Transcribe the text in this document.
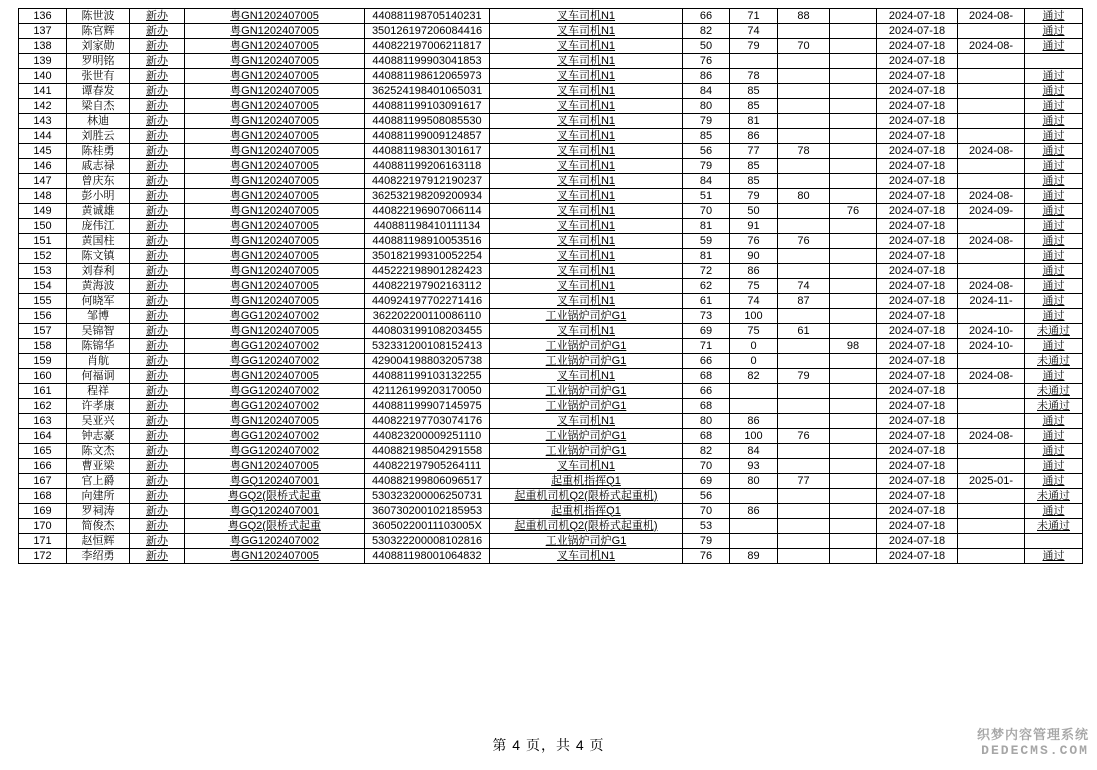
136	陈世波	新办	粤GN1202407005	440881198705140231	叉车司机N1	66	71	88		2024-07-18	2024-08-	通过
137	陈官辉	新办	粤GN1202407005	350126197206084416	叉车司机N1	82	74			2024-07-18		通过
138	刘家勋	新办	粤GN1202407005	440822197006211817	叉车司机N1	50	79	70		2024-07-18	2024-08-	通过
139	罗明铭	新办	粤GN1202407005	440881199903041853	叉车司机N1	76				2024-07-18		
140	张世有	新办	粤GN1202407005	440881198612065973	叉车司机N1	86	78			2024-07-18		通过
141	谭春发	新办	粤GN1202407005	362524198401065031	叉车司机N1	84	85			2024-07-18		通过
142	梁自杰	新办	粤GN1202407005	440881199103091617	叉车司机N1	80	85			2024-07-18		通过
143	林迪	新办	粤GN1202407005	440881199508085530	叉车司机N1	79	81			2024-07-18		通过
144	刘胜云	新办	粤GN1202407005	440881199009124857	叉车司机N1	85	86			2024-07-18		通过
145	陈桂勇	新办	粤GN1202407005	440881198301301617	叉车司机N1	56	77	78		2024-07-18	2024-08-	通过
146	戚志禄	新办	粤GN1202407005	440881199206163118	叉车司机N1	79	85			2024-07-18		通过
147	曾庆东	新办	粤GN1202407005	440822197912190237	叉车司机N1	84	85			2024-07-18		通过
148	彭小明	新办	粤GN1202407005	362532198209200934	叉车司机N1	51	79	80		2024-07-18	2024-08-	通过
149	黄诚雄	新办	粤GN1202407005	440822196907066114	叉车司机N1	70	50		76	2024-07-18	2024-09-	通过
150	庞伟江	新办	粤GN1202407005	440881198410111134	叉车司机N1	81	91			2024-07-18		通过
151	黄国柱	新办	粤GN1202407005	440881198910053516	叉车司机N1	59	76	76		2024-07-18	2024-08-	通过
152	陈文镇	新办	粤GN1202407005	350182199310052254	叉车司机N1	81	90			2024-07-18		通过
153	刘春利	新办	粤GN1202407005	445222198901282423	叉车司机N1	72	86			2024-07-18		通过
154	黄海波	新办	粤GN1202407005	440822197902163112	叉车司机N1	62	75	74		2024-07-18	2024-08-	通过
155	何晓军	新办	粤GN1202407005	440924197702271416	叉车司机N1	61	74	87		2024-07-18	2024-11-	通过
156	邹博	新办	粤GG1202407002	362202200110086110	工业锅炉司炉G1	73	100			2024-07-18		通过
157	吴锦智	新办	粤GN1202407005	440803199108203455	叉车司机N1	69	75	61		2024-07-18	2024-10-	未通过
158	陈锦华	新办	粤GG1202407002	532331200108152413	工业锅炉司炉G1	71	0		98	2024-07-18	2024-10-	通过
159	肖航	新办	粤GG1202407002	429004198803205738	工业锅炉司炉G1	66	0			2024-07-18		未通过
160	何福诇	新办	粤GN1202407005	440881199103132255	叉车司机N1	68	82	79		2024-07-18	2024-08-	通过
161	程祥	新办	粤GG1202407002	421126199203170050	工业锅炉司炉G1	66				2024-07-18		未通过
162	许孝康	新办	粤GG1202407002	440881199907145975	工业锅炉司炉G1	68				2024-07-18		未通过
163	吴亚兴	新办	粤GN1202407005	440822197703074176	叉车司机N1	80	86			2024-07-18		通过
164	钟志豪	新办	粤GG1202407002	440823200009251110	工业锅炉司炉G1	68	100	76		2024-07-18	2024-08-	通过
165	陈文杰	新办	粤GG1202407002	440882198504291558	工业锅炉司炉G1	82	84			2024-07-18		通过
166	曹亚梁	新办	粤GN1202407005	440822197905264111	叉车司机N1	70	93			2024-07-18		通过
167	官上爵	新办	粤GQ1202407001	440882199806096517	起重机指挥Q1	69	80	77		2024-07-18	2025-01-	通过
168	向建所	新办	粤GQ2(限桥式起重	530323200006250731	起重机司机Q2(限桥式起重机)	56				2024-07-18		未通过
169	罗祠涛	新办	粤GQ1202407001	360730200102185953	起重机指挥Q1	70	86			2024-07-18		通过
170	简俊杰	新办	粤GQ2(限桥式起重	36050220011103005X	起重机司机Q2(限桥式起重机)	53				2024-07-18		未通过
171	赵恒辉	新办	粤GG1202407002	530322200008102816	工业锅炉司炉G1	79				2024-07-18		
172	李绍勇	新办	粤GN1202407005	440881198001064832	叉车司机N1	76	89			2024-07-18		通过
第 4 页，共 4 页
织梦内容管理系统
DEDECMS.COM
